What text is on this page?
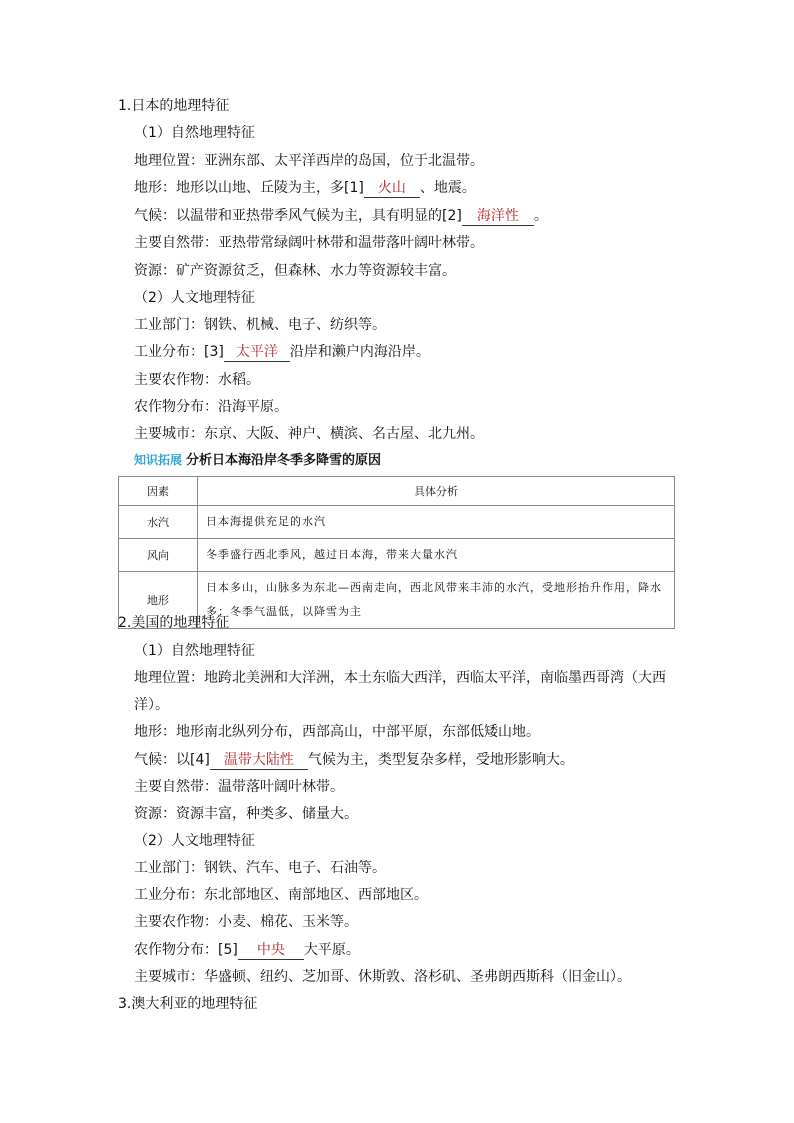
1.日本的地理特征
（1）自然地理特征
地理位置：亚洲东部、太平洋西岸的岛国，位于北温带。
地形：地形以山地、丘陵为主，多[1] 火山 、地震。
气候：以温带和亚热带季风气候为主，具有明显的[2] 海洋性 。
主要自然带：亚热带常绿阔叶林带和温带落叶阔叶林带。
资源：矿产资源贫乏，但森林、水力等资源较丰富。
（2）人文地理特征
工业部门：钢铁、机械、电子、纺织等。
工业分布：[3] 太平洋 沿岸和濑户内海沿岸。
主要农作物：水稻。
农作物分布：沿海平原。
主要城市：东京、大阪、神户、横滨、名古屋、北九州。
知识拓展 分析日本海沿岸冬季多降雪的原因
因素	具体分析
水汽	日本海提供充足的水汽
风向	冬季盛行西北季风，越过日本海，带来大量水汽
地形	日本多山，山脉多为东北—西南走向，西北风带来丰沛的水汽，受地形抬升作用，降水多；冬季气温低，以降雪为主
2.美国的地理特征
（1）自然地理特征
地理位置：地跨北美洲和大洋洲，本土东临大西洋，西临太平洋，南临墨西哥湾（大西
洋）。
地形：地形南北纵列分布，西部高山，中部平原，东部低矮山地。
气候：以[4] 温带大陆性 气候为主，类型复杂多样，受地形影响大。
主要自然带：温带落叶阔叶林带。
资源：资源丰富，种类多、储量大。
（2）人文地理特征
工业部门：钢铁、汽车、电子、石油等。
工业分布：东北部地区、南部地区、西部地区。
主要农作物：小麦、棉花、玉米等。
农作物分布：[5] 中央 大平原。
主要城市：华盛顿、纽约、芝加哥、休斯敦、洛杉矶、圣弗朗西斯科（旧金山）。
3.澳大利亚的地理特征
